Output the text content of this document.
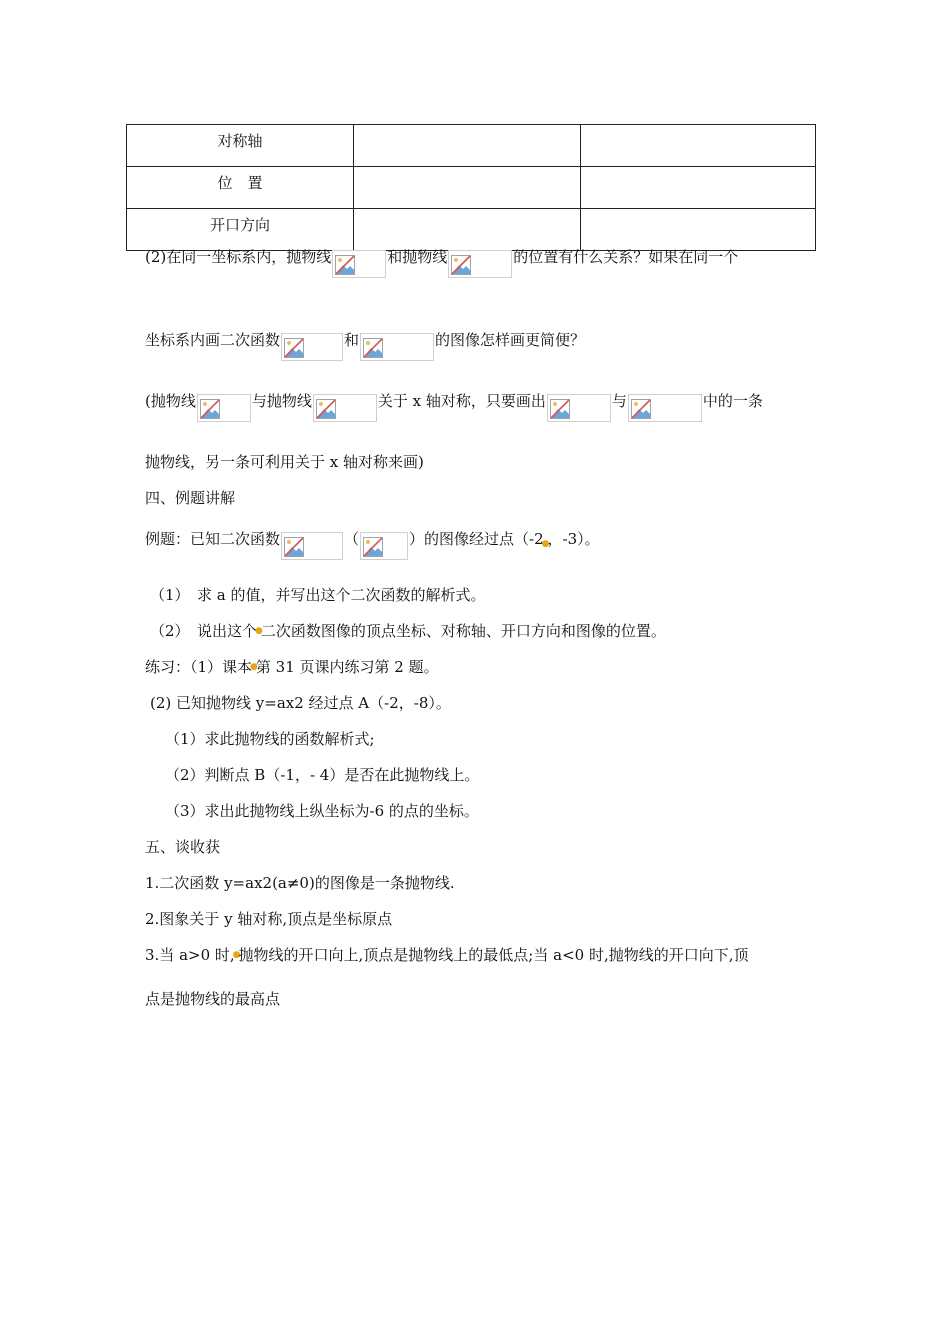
对称轴		
位　置		
开口方向		
(2)在同一坐标系内，抛物线	和抛物线	的位置有什么关系？如果在同一个
坐标系内画二次函数	和	的图像怎样画更简便？
(抛物线	与抛物线	关于 x 轴对称，只要画出	与	中的一条
抛物线，另一条可利用关于 x 轴对称来画)
四、例题讲解
例题：已知二次函数	（	）的图像经过点（-2●，-3）。
（1）　求 a 的值，并写出这个二次函数的解析式。
（2）　说出这个●二次函数图像的顶点坐标、对称轴、开口方向和图像的位置。
练习：（1）课本●第 31 页课内练习第 2 题。
(2) 已知抛物线 y=ax2 经过点 A（-2，-8）。
（1）求此抛物线的函数解析式;
（2）判断点 B（-1，- 4）是否在此抛物线上。
（3）求出此抛物线上纵坐标为-6 的点的坐标。
五、谈收获
1.二次函数 y=ax2(a≠0)的图像是一条抛物线.
2.图象关于 y 轴对称,顶点是坐标原点
3.当 a>0 时,●抛物线的开口向上,顶点是抛物线上的最低点;当 a<0 时,抛物线的开口向下,顶
点是抛物线的最高点
